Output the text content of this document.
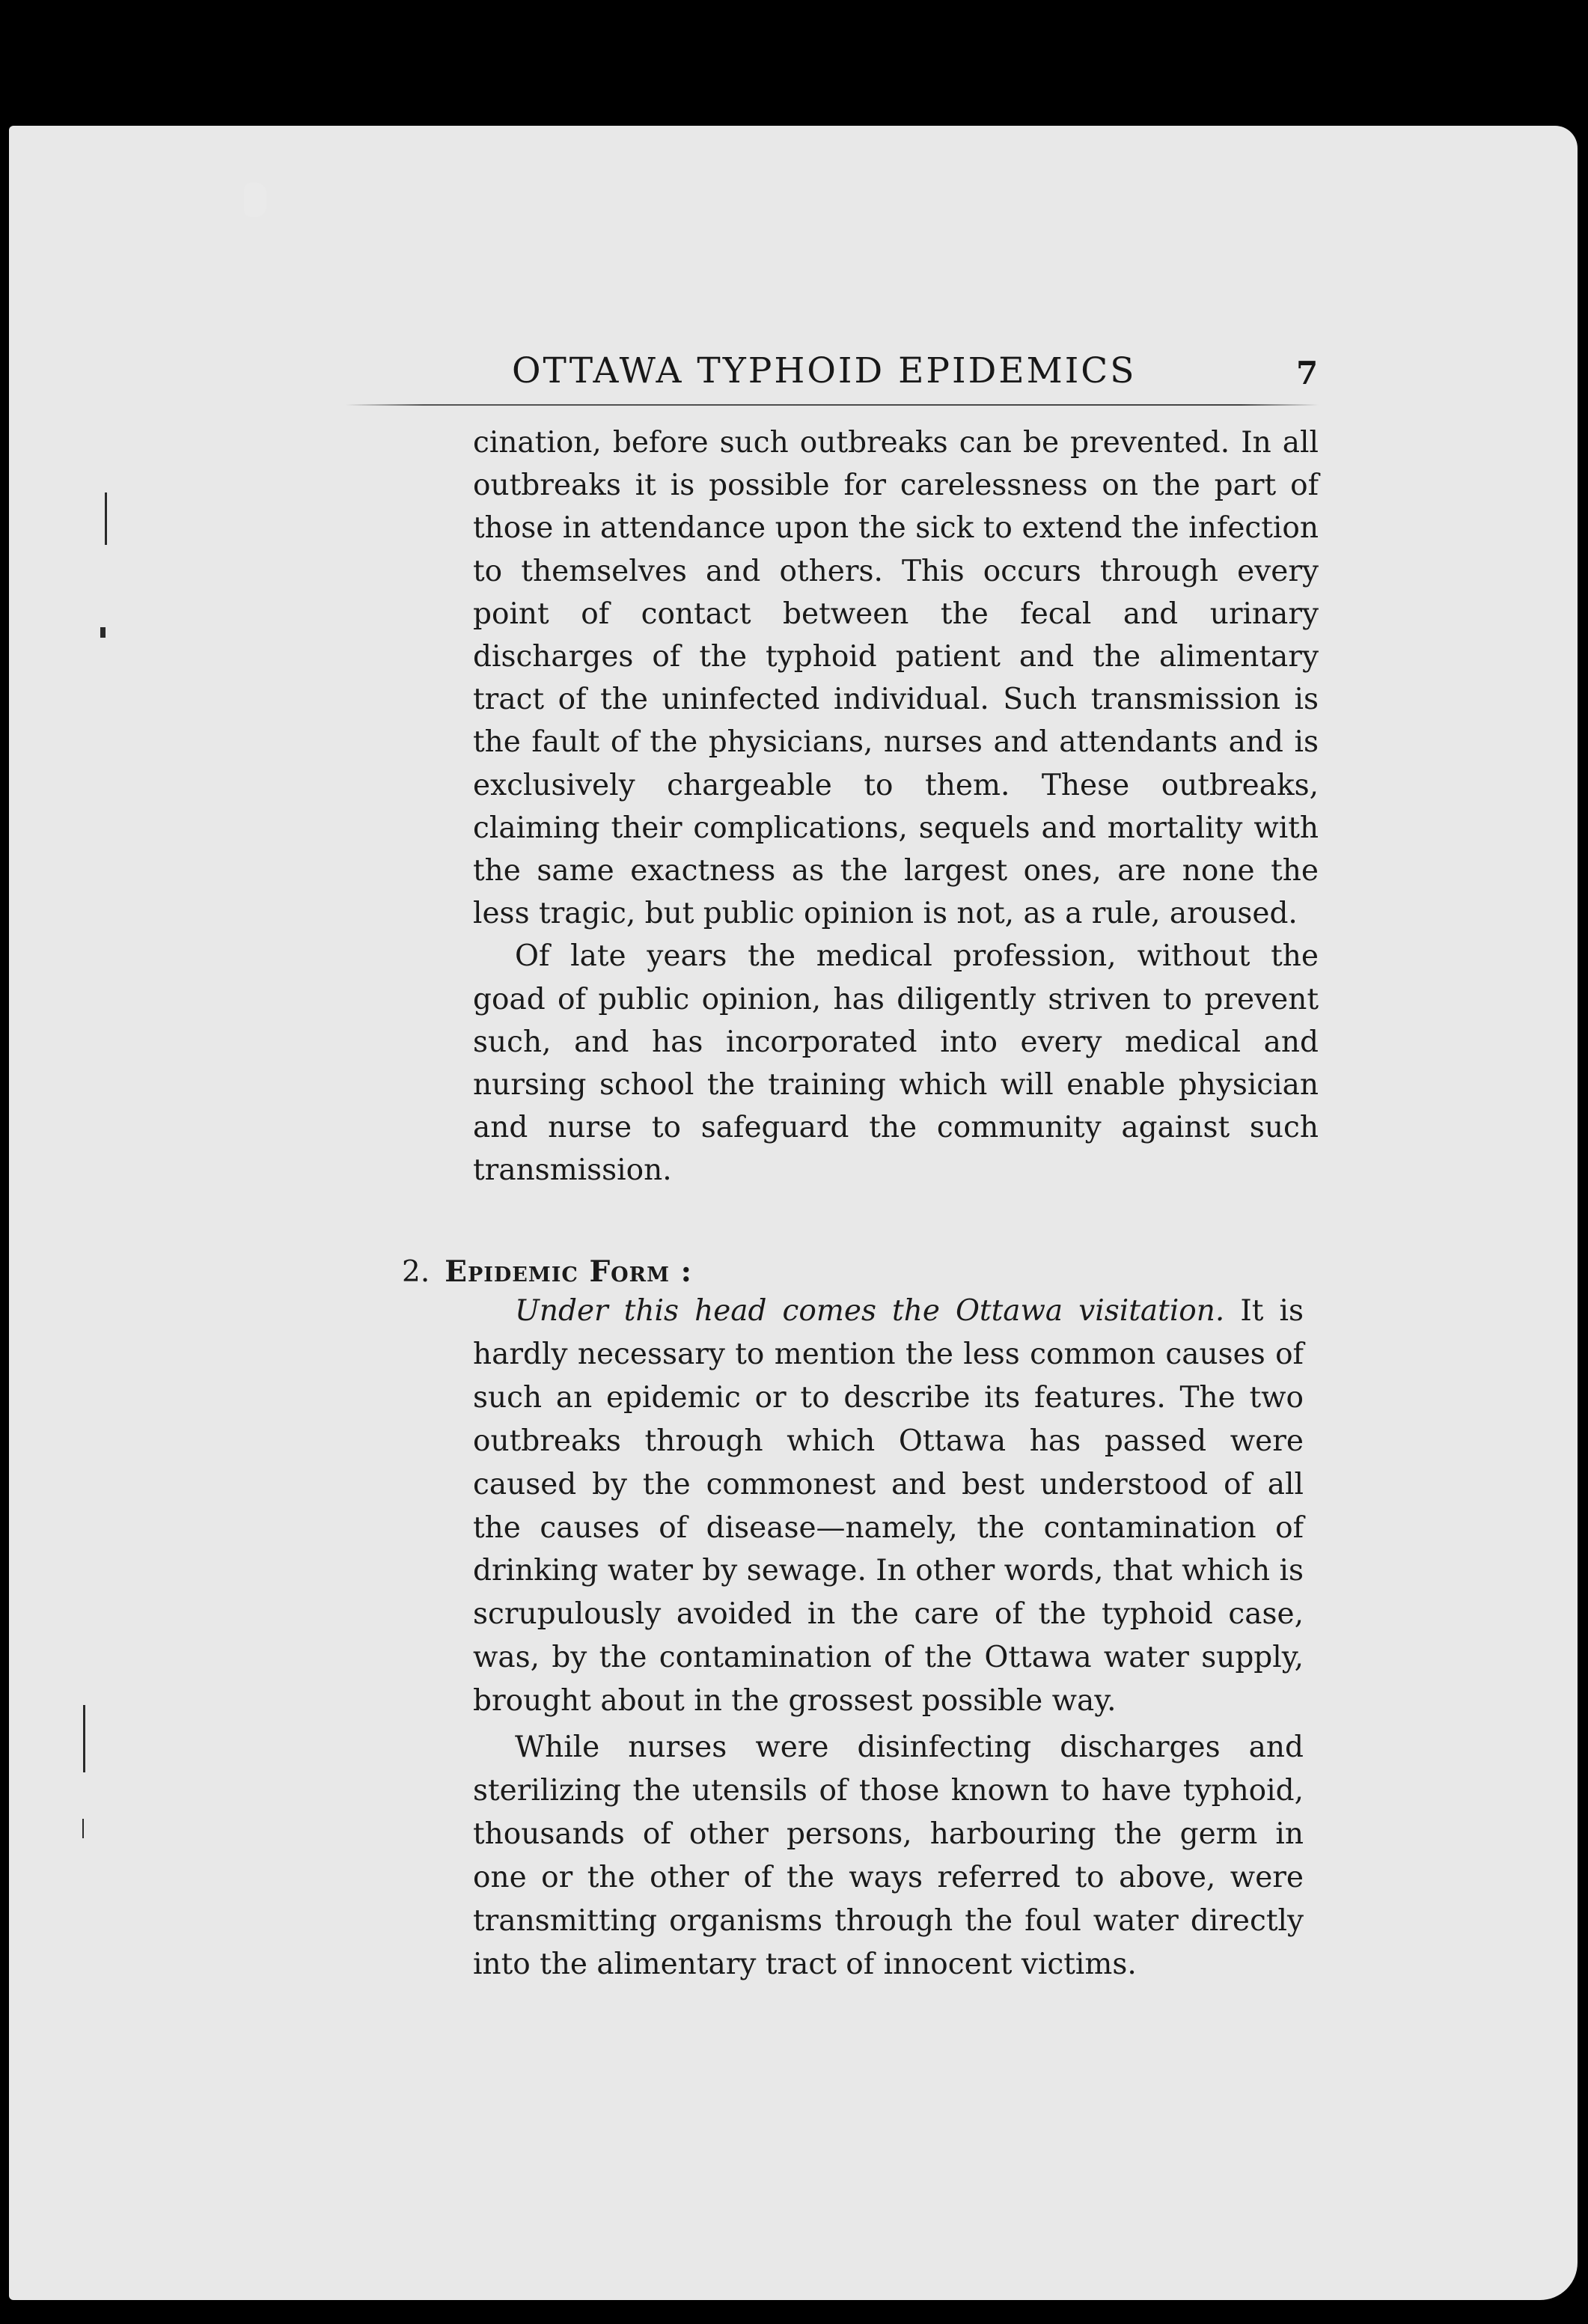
OTTAWA TYPHOID EPIDEMICS	7

cination, before such outbreaks can be prevented. In all outbreaks it is possible for carelessness on the part of those in attendance upon the sick to extend the infection to themselves and others. This occurs through every point of contact between the fecal and urinary discharges of the typhoid patient and the alimentary tract of the uninfected individual. Such transmission is the fault of the physicians, nurses and attendants and is exclusively chargeable to them. These outbreaks, claiming their complications, sequels and mortality with the same exactness as the largest ones, are none the less tragic, but public opinion is not, as a rule, aroused.

Of late years the medical profession, without the goad of public opinion, has diligently striven to prevent such, and has incorporated into every medical and nursing school the training which will enable physician and nurse to safeguard the community against such transmission.

2. Epidemic Form :

Under this head comes the Ottawa visitation. It is hardly necessary to mention the less common causes of such an epidemic or to describe its features. The two outbreaks through which Ottawa has passed were caused by the commonest and best understood of all the causes of disease—namely, the contamination of drinking water by sewage. In other words, that which is scrupulously avoided in the care of the typhoid case, was, by the contamination of the Ottawa water supply, brought about in the grossest possible way.

While nurses were disinfecting discharges and sterilizing the utensils of those known to have typhoid, thousands of other persons, harbouring the germ in one or the other of the ways referred to above, were transmitting organisms through the foul water directly into the alimentary tract of innocent victims.
